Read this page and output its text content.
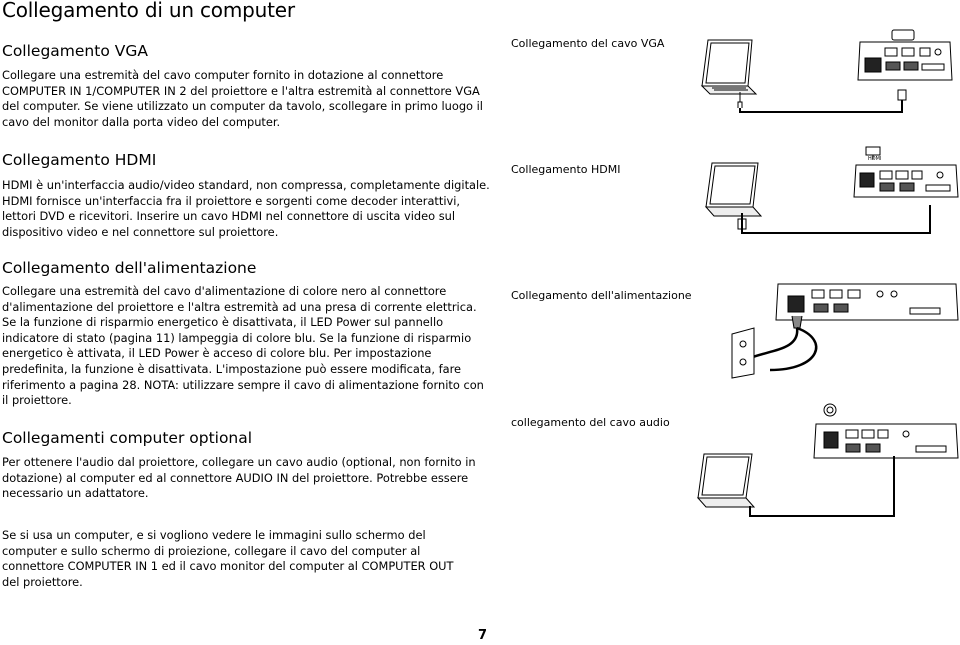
Collegamento di un computer
Collegamento VGA
Collegare una estremità del cavo computer fornito in dotazione al connettore COMPUTER IN 1/COMPUTER IN 2 del proiettore e l'altra estremità al connettore VGA del computer. Se viene utilizzato un computer da tavolo, scollegare in primo luogo il cavo del monitor dalla porta video del computer.
Collegamento del cavo VGA
Collegamento HDMI
HDMI è un'interfaccia audio/video standard, non compressa, completamente digitale. HDMI fornisce un'interfaccia fra il proiettore e sorgenti come decoder interattivi, lettori DVD e ricevitori. Inserire un cavo HDMI nel connettore di uscita video sul dispositivo video e nel connettore sul proiettore.
Collegamento HDMI
Collegamento dell'alimentazione
Collegare una estremità del cavo d'alimentazione di colore nero al connettore d'alimentazione del proiettore e l'altra estremità ad una presa di corrente elettrica. Se la funzione di risparmio energetico è disattivata, il LED Power sul pannello indicatore di stato (pagina 11) lampeggia di colore blu. Se la funzione di risparmio energetico è attivata, il LED Power è acceso di colore blu. Per impostazione predefinita, la funzione è disattivata. L'impostazione può essere modificata, fare riferimento a pagina 28. NOTA: utilizzare sempre il cavo di alimentazione fornito con il proiettore.
Collegamento dell'alimentazione
Collegamenti computer optional
Per ottenere l'audio dal proiettore, collegare un cavo audio (optional, non fornito in dotazione) al computer ed al connettore AUDIO IN del proiettore. Potrebbe essere necessario un adattatore.
collegamento del cavo audio
Se si usa un computer, e si vogliono vedere le immagini sullo schermo del computer e sullo schermo di proiezione, collegare il cavo del computer al connettore COMPUTER IN 1 ed il cavo monitor del computer al COMPUTER OUT del proiettore.
7
HDMI
